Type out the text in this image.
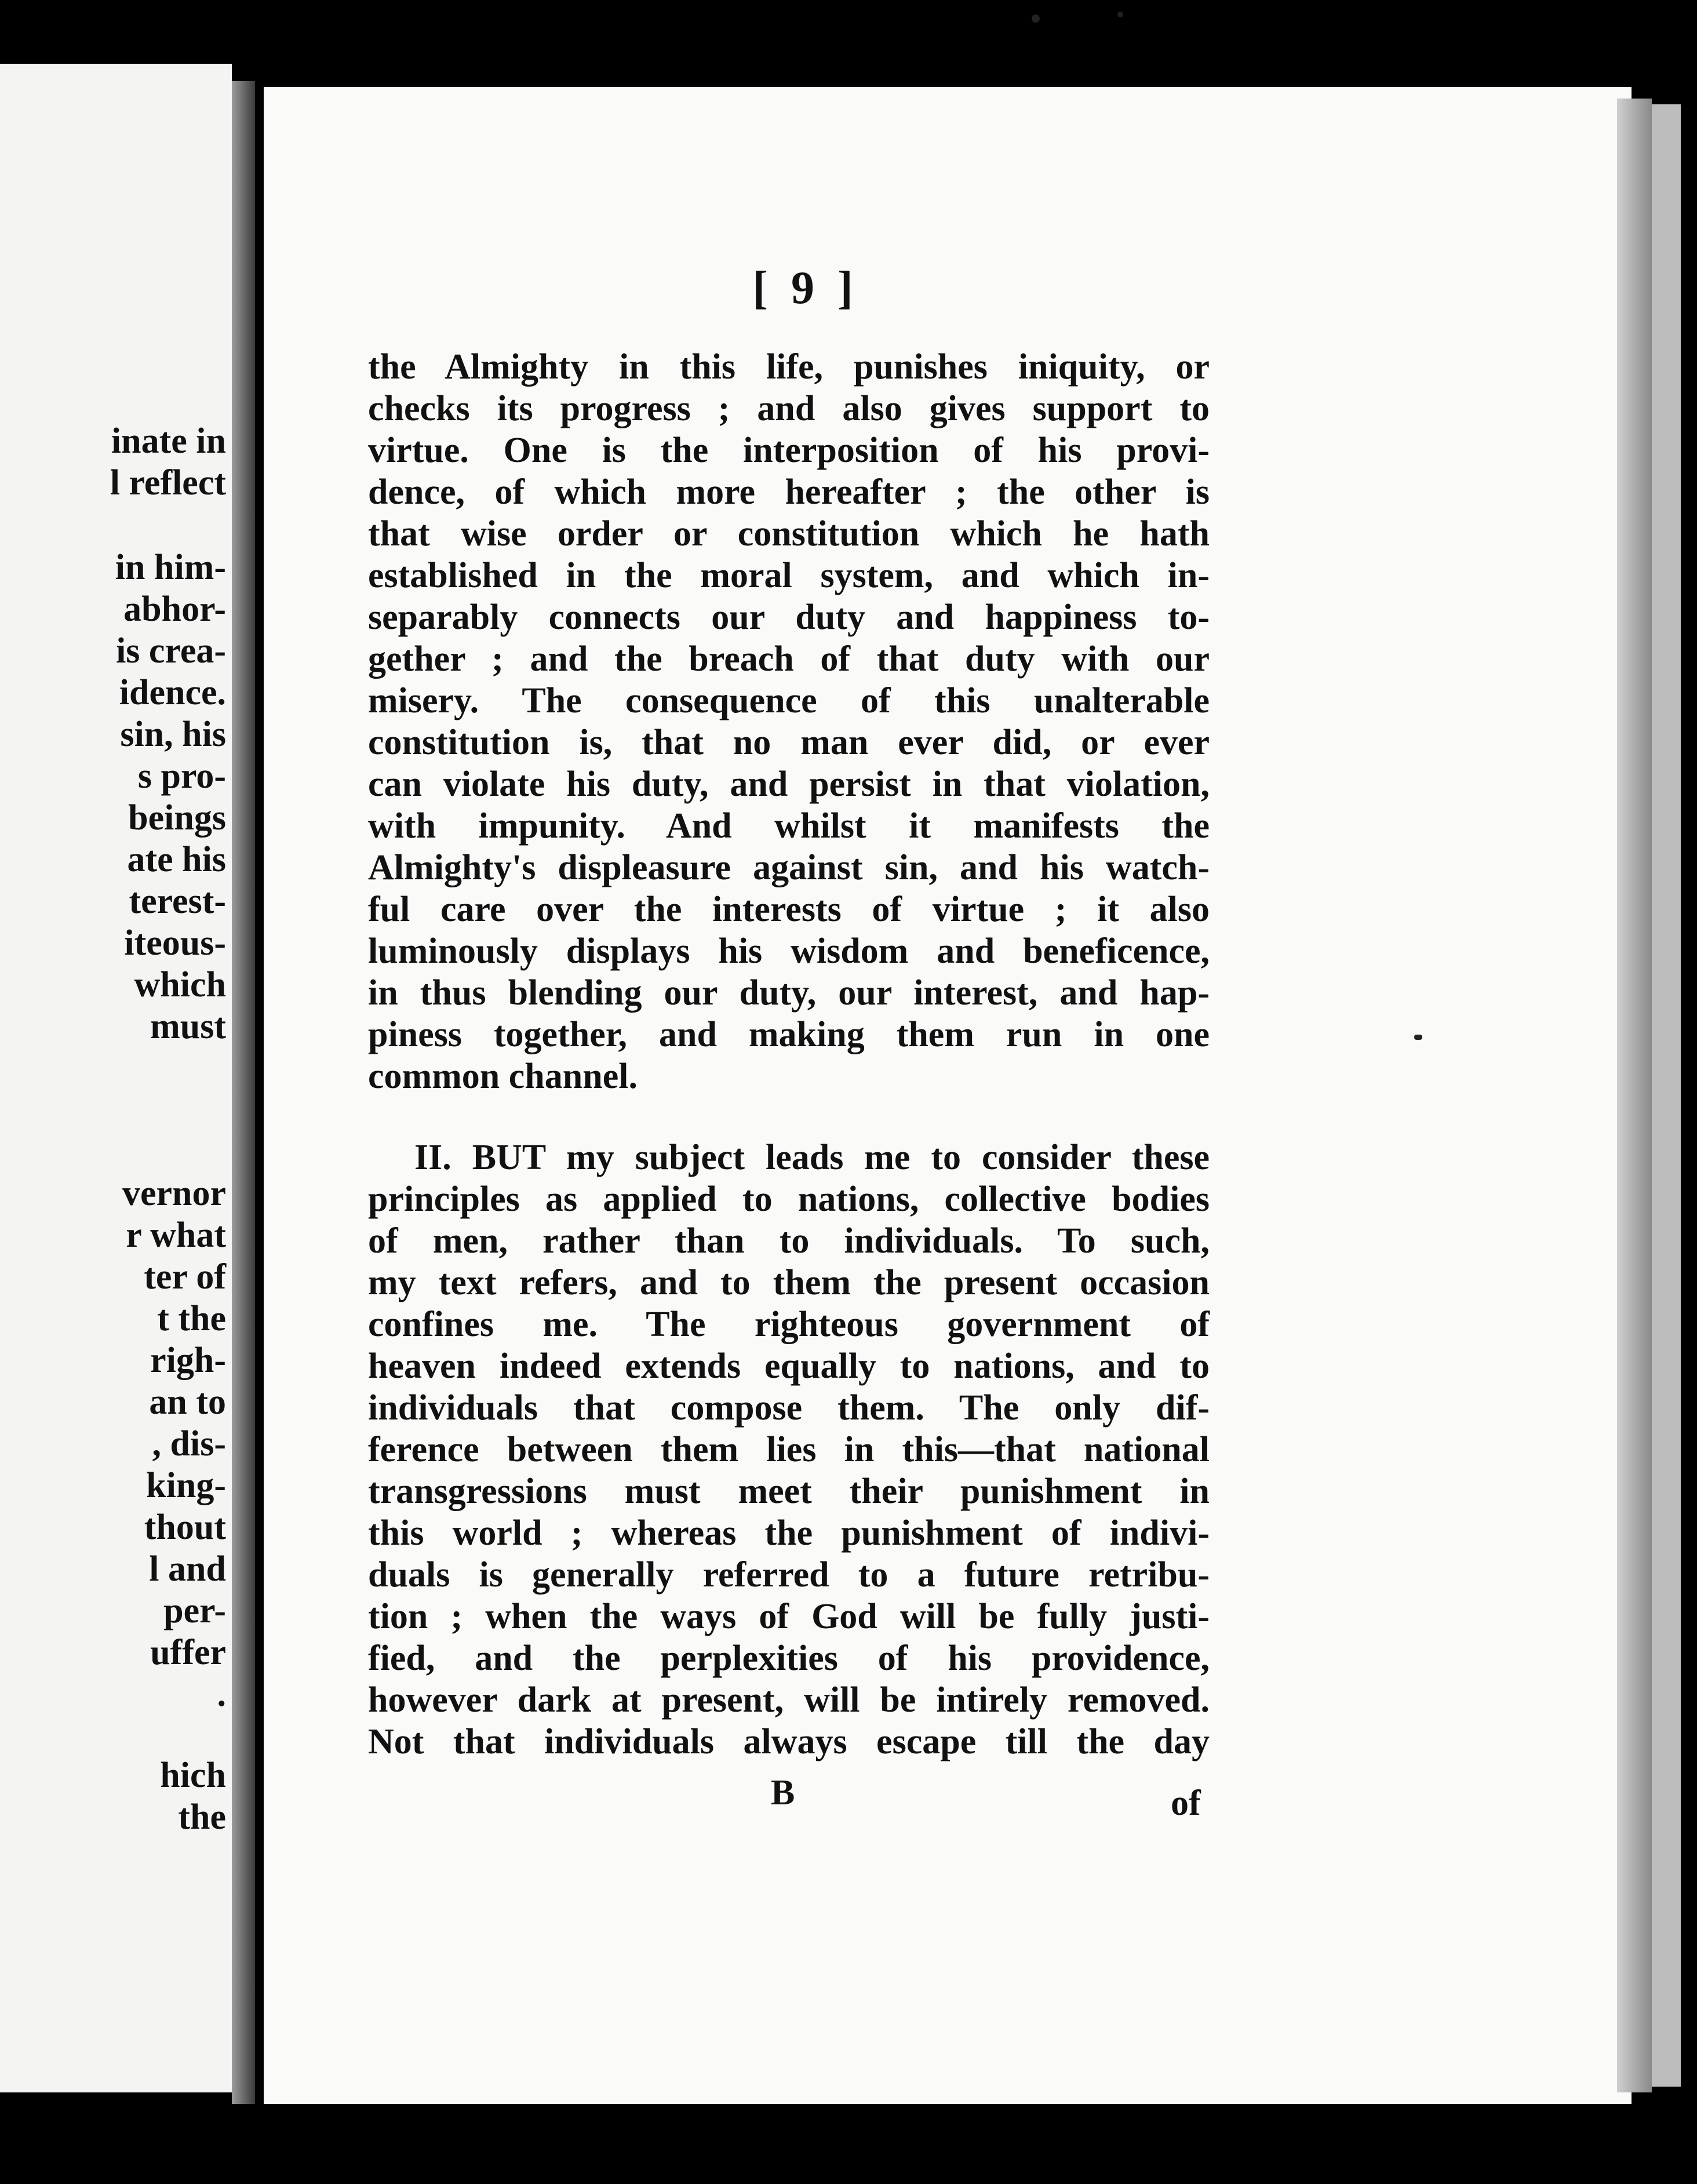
inate in
l reflect
in him-
abhor-
is crea-
idence.
sin, his
s pro-
beings
ate his
terest-
iteous-
which
must
vernor
r what
ter of
t the
righ-
an to
, dis-
king-
thout
l and
per-
uffer
.
hich
the
[ 9 ]
the Almighty in this life, punishes iniquity, or
checks its progress ; and also gives support to
virtue. One is the interposition of his provi-
dence, of which more hereafter ; the other is
that wise order or constitution which he hath
established in the moral system, and which in-
separably connects our duty and happiness to-
gether ; and the breach of that duty with our
misery. The consequence of this unalterable
constitution is, that no man ever did, or ever
can violate his duty, and persist in that violation,
with impunity. And whilst it manifests the
Almighty's displeasure against sin, and his watch-
ful care over the interests of virtue ; it also
luminously displays his wisdom and beneficence,
in thus blending our duty, our interest, and hap-
piness together, and making them run in one
common channel.
II. BUT my subject leads me to consider these
principles as applied to nations, collective bodies
of men, rather than to individuals. To such,
my text refers, and to them the present occasion
confines me. The righteous government of
heaven indeed extends equally to nations, and to
individuals that compose them. The only dif-
ference between them lies in this—that national
transgressions must meet their punishment in
this world ; whereas the punishment of indivi-
duals is generally referred to a future retribu-
tion ; when the ways of God will be fully justi-
fied, and the perplexities of his providence,
however dark at present, will be intirely removed.
Not that individuals always escape till the day
B	of
